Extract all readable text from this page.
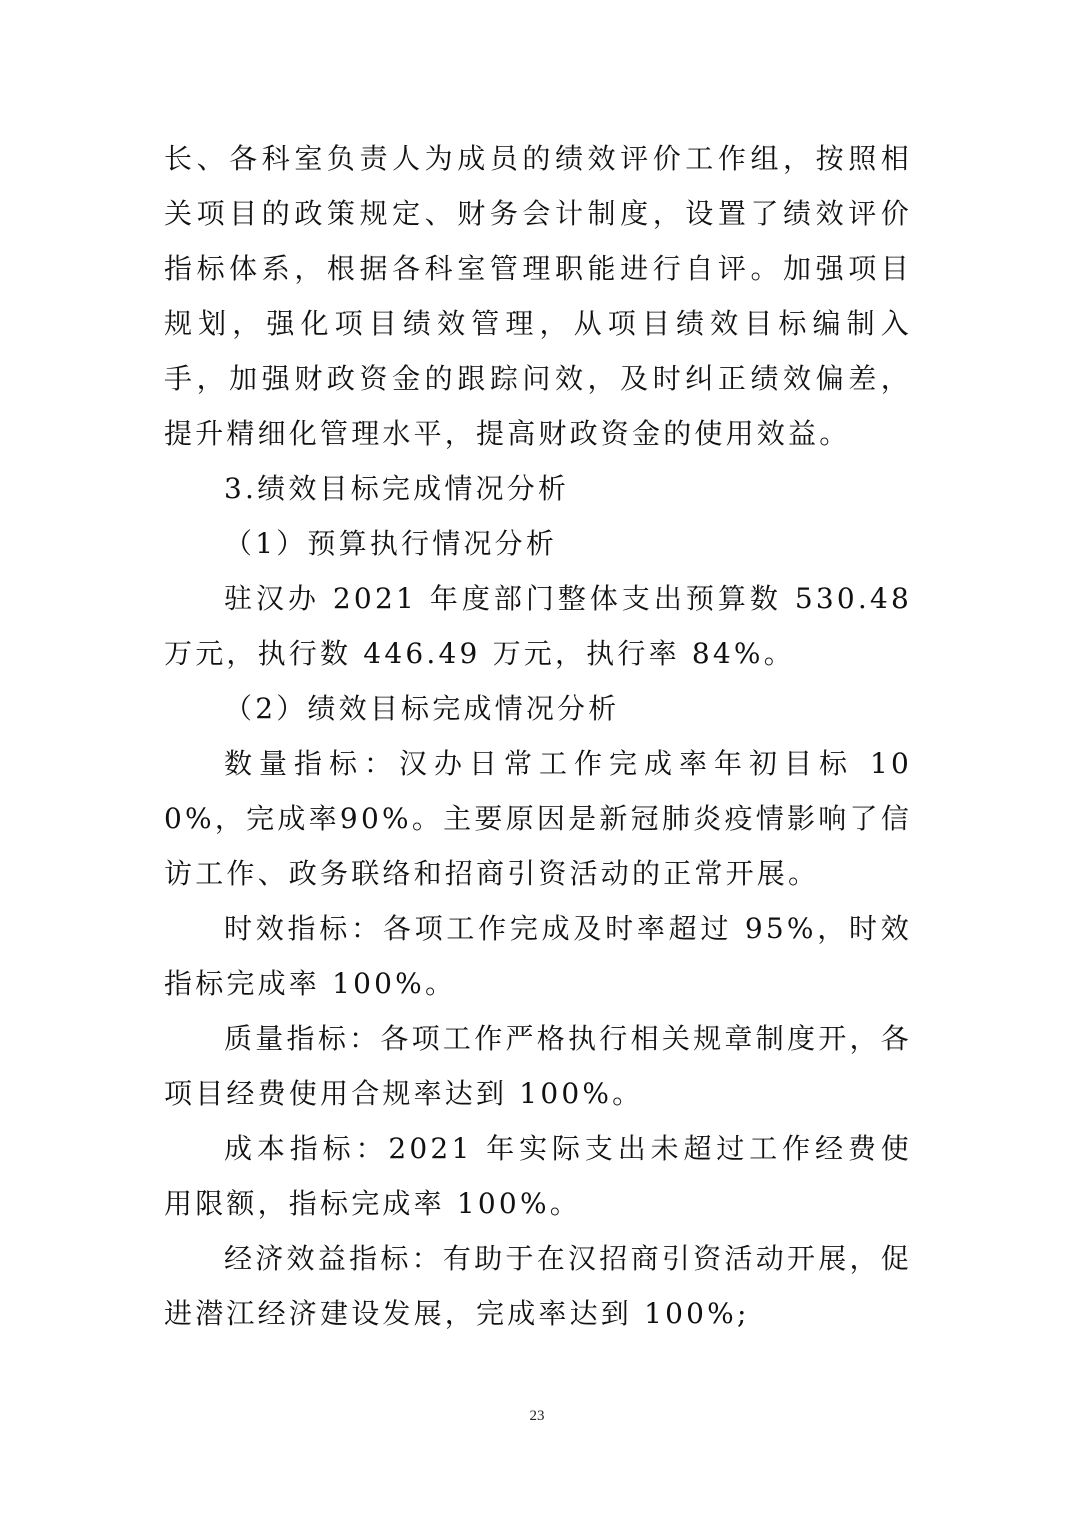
长、各科室负责人为成员的绩效评价工作组，按照相关项目的政策规定、财务会计制度，设置了绩效评价指标体系，根据各科室管理职能进行自评。加强项目规划，强化项目绩效管理，从项目绩效目标编制入手，加强财政资金的跟踪问效，及时纠正绩效偏差，提升精细化管理水平，提高财政资金的使用效益。

3.绩效目标完成情况分析

（1）预算执行情况分析

驻汉办 2021 年度部门整体支出预算数 530.48 万元，执行数 446.49 万元，执行率 84%。

（2）绩效目标完成情况分析

数量指标：汉办日常工作完成率年初目标 100%，完成率90%。主要原因是新冠肺炎疫情影响了信访工作、政务联络和招商引资活动的正常开展。

时效指标：各项工作完成及时率超过 95%，时效指标完成率 100%。

质量指标：各项工作严格执行相关规章制度开，各项目经费使用合规率达到 100%。

成本指标：2021 年实际支出未超过工作经费使用限额，指标完成率 100%。

经济效益指标：有助于在汉招商引资活动开展，促进潜江经济建设发展，完成率达到 100%;

23
